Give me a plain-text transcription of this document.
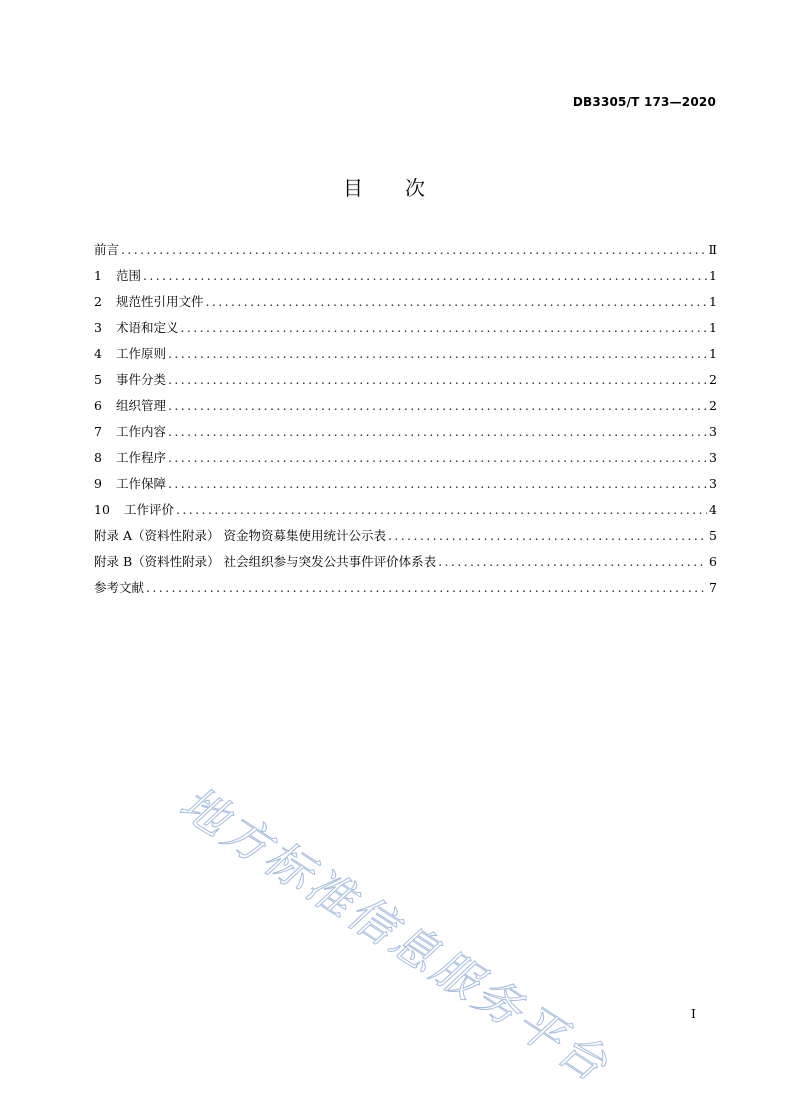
DB3305/T 173—2020
目次
前言 .....	Ⅱ
1	范围 .....	1
2	规范性引用文件 .....	1
3	术语和定义 .....	1
4	工作原则 .....	1
5	事件分类 .....	2
6	组织管理 .....	2
7	工作内容 .....	3
8	工作程序 .....	3
9	工作保障 .....	3
10	工作评价 .....	4
附录 A（资料性附录） 资金物资募集使用统计公示表 .....	5
附录 B（资料性附录） 社会组织参与突发公共事件评价体系表 .....	6
参考文献 .....	7
地方标准信息服务平台	I
